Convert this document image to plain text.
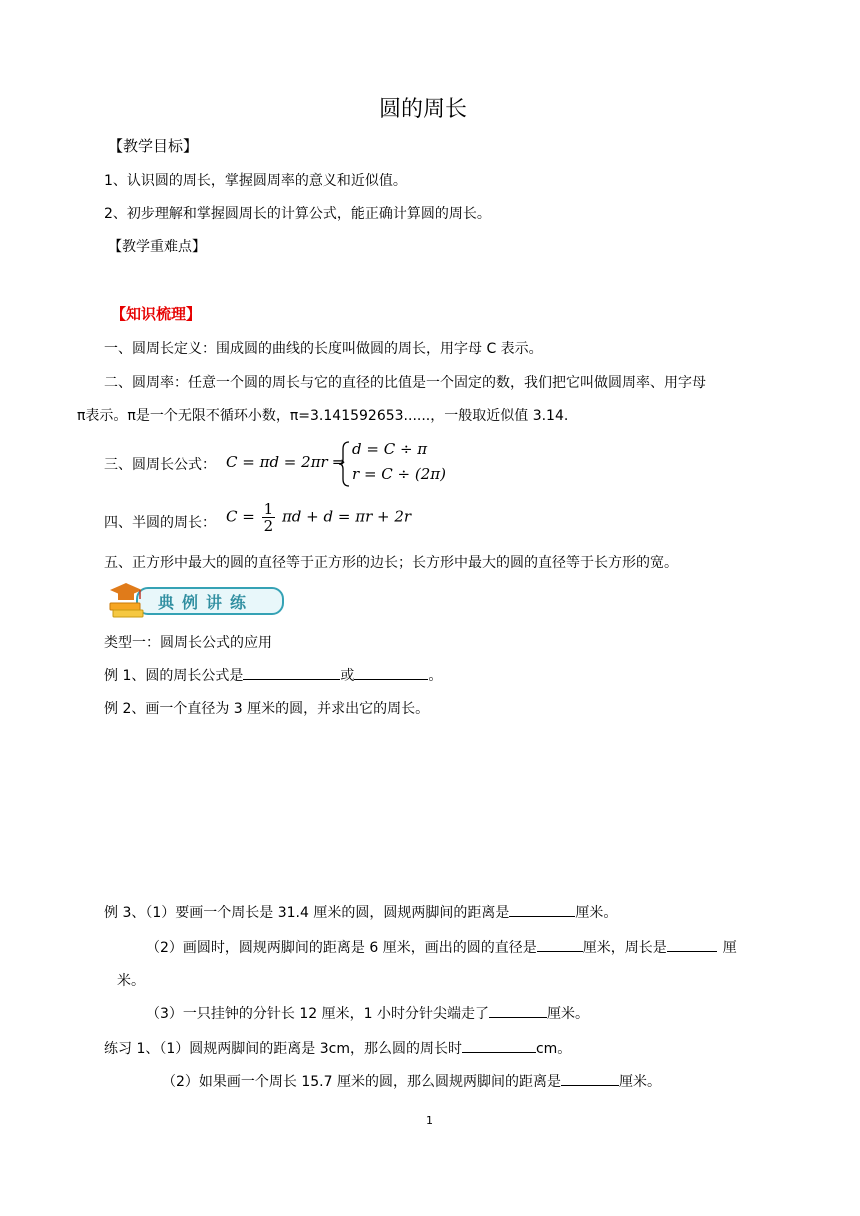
圆的周长
【教学目标】
1、认识圆的周长，掌握圆周率的意义和近似值。
2、初步理解和掌握圆周长的计算公式，能正确计算圆的周长。
【教学重难点】
【知识梳理】
一、圆周长定义：围成圆的曲线的长度叫做圆的周长，用字母 C 表示。
二、圆周率：任意一个圆的周长与它的直径的比值是一个固定的数，我们把它叫做圆周率、用字母
π表示。π是一个无限不循环小数，π=3.141592653......，一般取近似值 3.14.
三、圆周长公式： C = πd = 2πr ⇒
d = C ÷ π
r = C ÷ (2π)
四、半圆的周长： $C = \frac{1}{2}$ πd + d = πr + 2r
五、正方形中最大的圆的直径等于正方形的边长；长方形中最大的圆的直径等于长方形的宽。
典例讲练
类型一：圆周长公式的应用
例 1、圆的周长公式是	或	。
例 2、画一个直径为 3 厘米的圆，并求出它的周长。
例 3、（1）要画一个周长是 31.4 厘米的圆，圆规两脚间的距离是	厘米。
（2）画圆时，圆规两脚间的距离是 6 厘米，画出的圆的直径是	厘米，周长是	厘
米。
（3）一只挂钟的分针长 12 厘米，1 小时分针尖端走了	厘米。
练习 1、（1）圆规两脚间的距离是 3cm，那么圆的周长时	cm。
（2）如果画一个周长 15.7 厘米的圆，那么圆规两脚间的距离是	厘米。
1
